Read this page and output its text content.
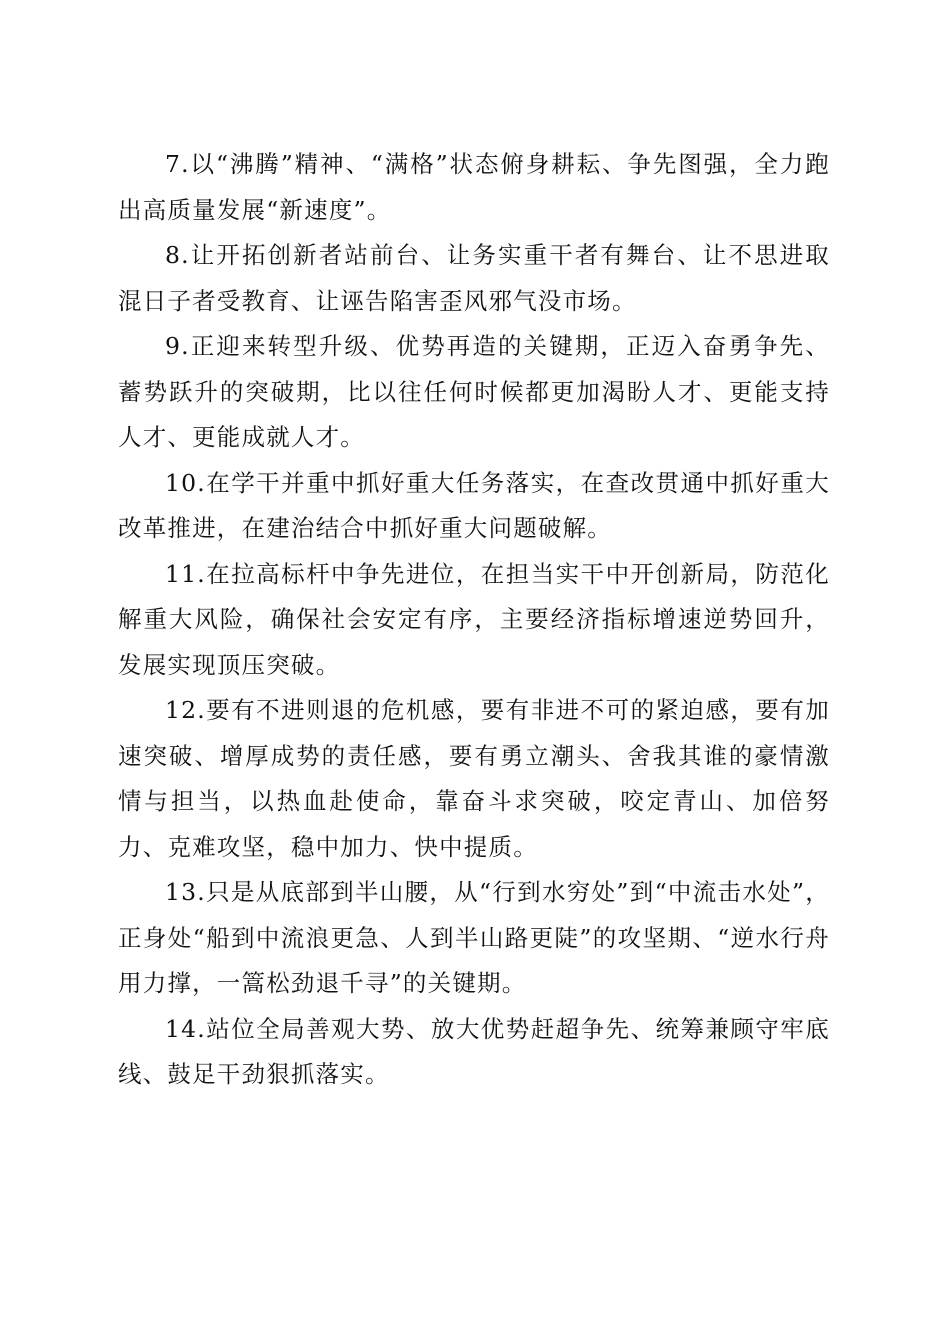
7.以“沸腾”精神、“满格”状态俯身耕耘、争先图强，全力跑出高质量发展“新速度”。

8.让开拓创新者站前台、让务实重干者有舞台、让不思进取混日子者受教育、让诬告陷害歪风邪气没市场。

9.正迎来转型升级、优势再造的关键期，正迈入奋勇争先、蓄势跃升的突破期，比以往任何时候都更加渴盼人才、更能支持人才、更能成就人才。

10.在学干并重中抓好重大任务落实，在查改贯通中抓好重大改革推进，在建治结合中抓好重大问题破解。

11.在拉高标杆中争先进位，在担当实干中开创新局，防范化解重大风险，确保社会安定有序，主要经济指标增速逆势回升，发展实现顶压突破。

12.要有不进则退的危机感，要有非进不可的紧迫感，要有加速突破、增厚成势的责任感，要有勇立潮头、舍我其谁的豪情激情与担当，以热血赴使命，靠奋斗求突破，咬定青山、加倍努力、克难攻坚，稳中加力、快中提质。

13.只是从底部到半山腰，从“行到水穷处”到“中流击水处”，正身处“船到中流浪更急、人到半山路更陡”的攻坚期、“逆水行舟用力撑，一篙松劲退千寻”的关键期。

14.站位全局善观大势、放大优势赶超争先、统筹兼顾守牢底线、鼓足干劲狠抓落实。
